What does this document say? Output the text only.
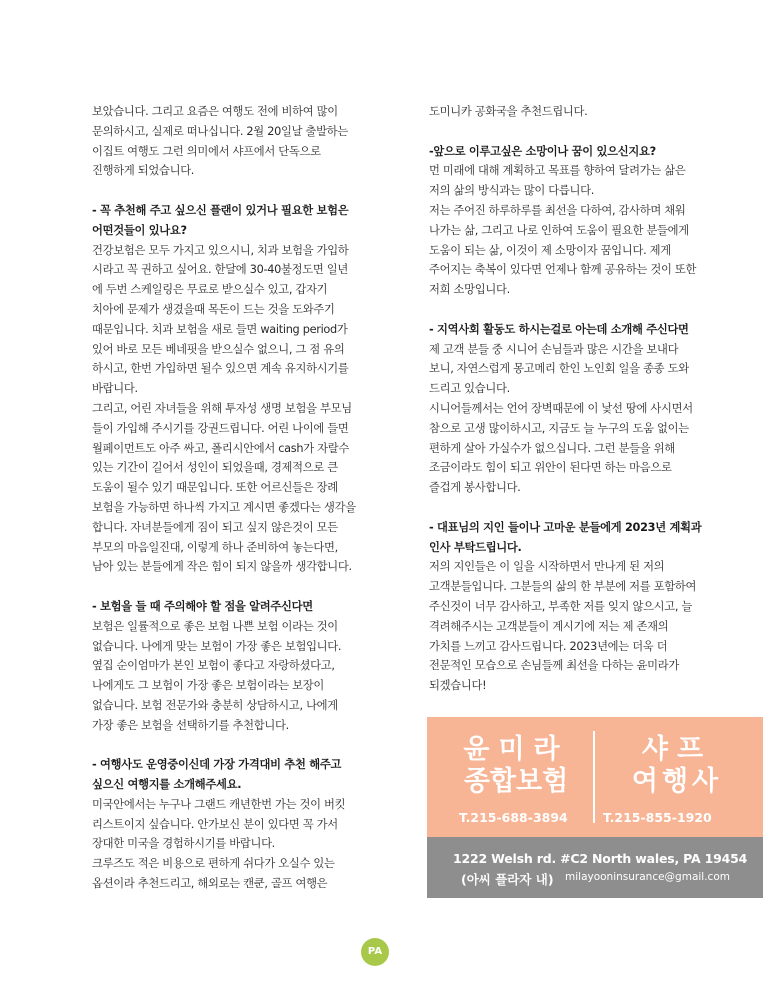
보았습니다. 그리고 요즘은 여행도 전에 비하여 많이

문의하시고, 실제로 떠나십니다. 2월 20일날 출발하는

이집트 여행도 그런 의미에서 샤프에서 단독으로

진행하게 되었습니다.

- 꼭 추천해 주고 싶으신 플랜이 있거나 필요한 보험은

어떤것들이 있나요?

건강보험은 모두 가지고 있으시니, 치과 보험을 가입하

시라고 꼭 권하고 싶어요. 한달에 30-40불정도면 일년

에 두번 스케일링은 무료로 받으실수 있고, 갑자기

치아에 문제가 생겼을때 목돈이 드는 것을 도와주기

때문입니다. 치과 보험을 새로 들면 waiting period가

있어 바로 모든 베네핏을 받으실수 없으니, 그 점 유의

하시고, 한번 가입하면 될수 있으면 계속 유지하시기를

바랍니다.

그리고, 어린 자녀들을 위해 투자성 생명 보험을 부모님

들이 가입해 주시기를 강권드립니다. 어린 나이에 들면

월페이먼트도 아주 싸고, 폴리시안에서 cash가 자랄수

있는 기간이 길어서 성인이 되었을때, 경제적으로 큰

도움이 될수 있기 때문입니다. 또한 어르신들은 장례

보험을 가능하면 하나씩 가지고 계시면 좋겠다는 생각을

합니다. 자녀분들에게 짐이 되고 싶지 않은것이 모든

부모의 마음일진대, 이렇게 하나 준비하여 놓는다면,

남아 있는 분들에게 작은 힘이 되지 않을까 생각합니다.

- 보험을 들 때 주의해야 할 점을 알려주신다면

보험은 일률적으로 좋은 보험 나쁜 보험 이라는 것이

없습니다. 나에게 맞는 보험이 가장 좋은 보험입니다.

옆집 순이엄마가 본인 보험이 좋다고 자랑하셨다고,

나에게도 그 보험이 가장 좋은 보험이라는 보장이

없습니다. 보험 전문가와 충분히 상담하시고, 나에게

가장 좋은 보험을 선택하기를 추천합니다.

- 여행사도 운영중이신데 가장 가격대비 추천 해주고

싶으신 여행지를 소개해주세요.

미국안에서는 누구나 그랜드 캐년한번 가는 것이 버킷

리스트이지 싶습니다. 안가보신 분이 있다면 꼭 가서

장대한 미국을 경험하시기를 바랍니다.

크루즈도 적은 비용으로 편하게 쉬다가 오실수 있는

옵션이라 추천드리고, 해외로는 캔쿤, 골프 여행은

도미니카 공화국을 추천드립니다.

-앞으로 이루고싶은 소망이나 꿈이 있으신지요?

먼 미래에 대해 계획하고 목표를 향하여 달려가는 삶은

저의 삶의 방식과는 많이 다릅니다.

저는 주어진 하루하루를 최선을 다하여, 감사하며 채워

나가는 삶, 그리고 나로 인하여 도움이 필요한 분들에게

도움이 되는 삶, 이것이 제 소망이자 꿈입니다. 제게

주어지는 축복이 있다면 언제나 함께 공유하는 것이 또한

저희 소망입니다.

- 지역사회 활동도 하시는걸로 아는데 소개해 주신다면

제 고객 분들 중 시니어 손님들과 많은 시간을 보내다

보니, 자연스럽게 몽고메리 한인 노인회 일을 종종 도와

드리고 있습니다.

시니어들께서는 언어 장벽때문에 이 낯선 땅에 사시면서

참으로 고생 많이하시고, 지금도 늘 누구의 도움 없이는

편하게 살아 가실수가 없으십니다. 그런 분들을 위해

조금이라도 힘이 되고 위안이 된다면 하는 마음으로

즐겁게 봉사합니다.

- 대표님의 지인 들이나 고마운 분들에게 2023년 계획과

인사 부탁드립니다.

저의 지인들은 이 일을 시작하면서 만나게 된 저의

고객분들입니다. 그분들의 삶의 한 부분에 저를 포함하여

주신것이 너무 감사하고, 부족한 저를 잊지 않으시고, 늘

격려해주시는 고객분들이 계시기에 저는 제 존재의

가치를 느끼고 감사드립니다. 2023년에는 더욱 더

전문적인 모습으로 손님들께 최선을 다하는 윤미라가

되겠습니다!

윤미라
종합보험
샤프
여행사
T.215-688-3894	T.215-855-1920
1222 Welsh rd. #C2 North wales, PA 19454
(아씨 플라자 내) milayooninsurance@gmail.com
PA
